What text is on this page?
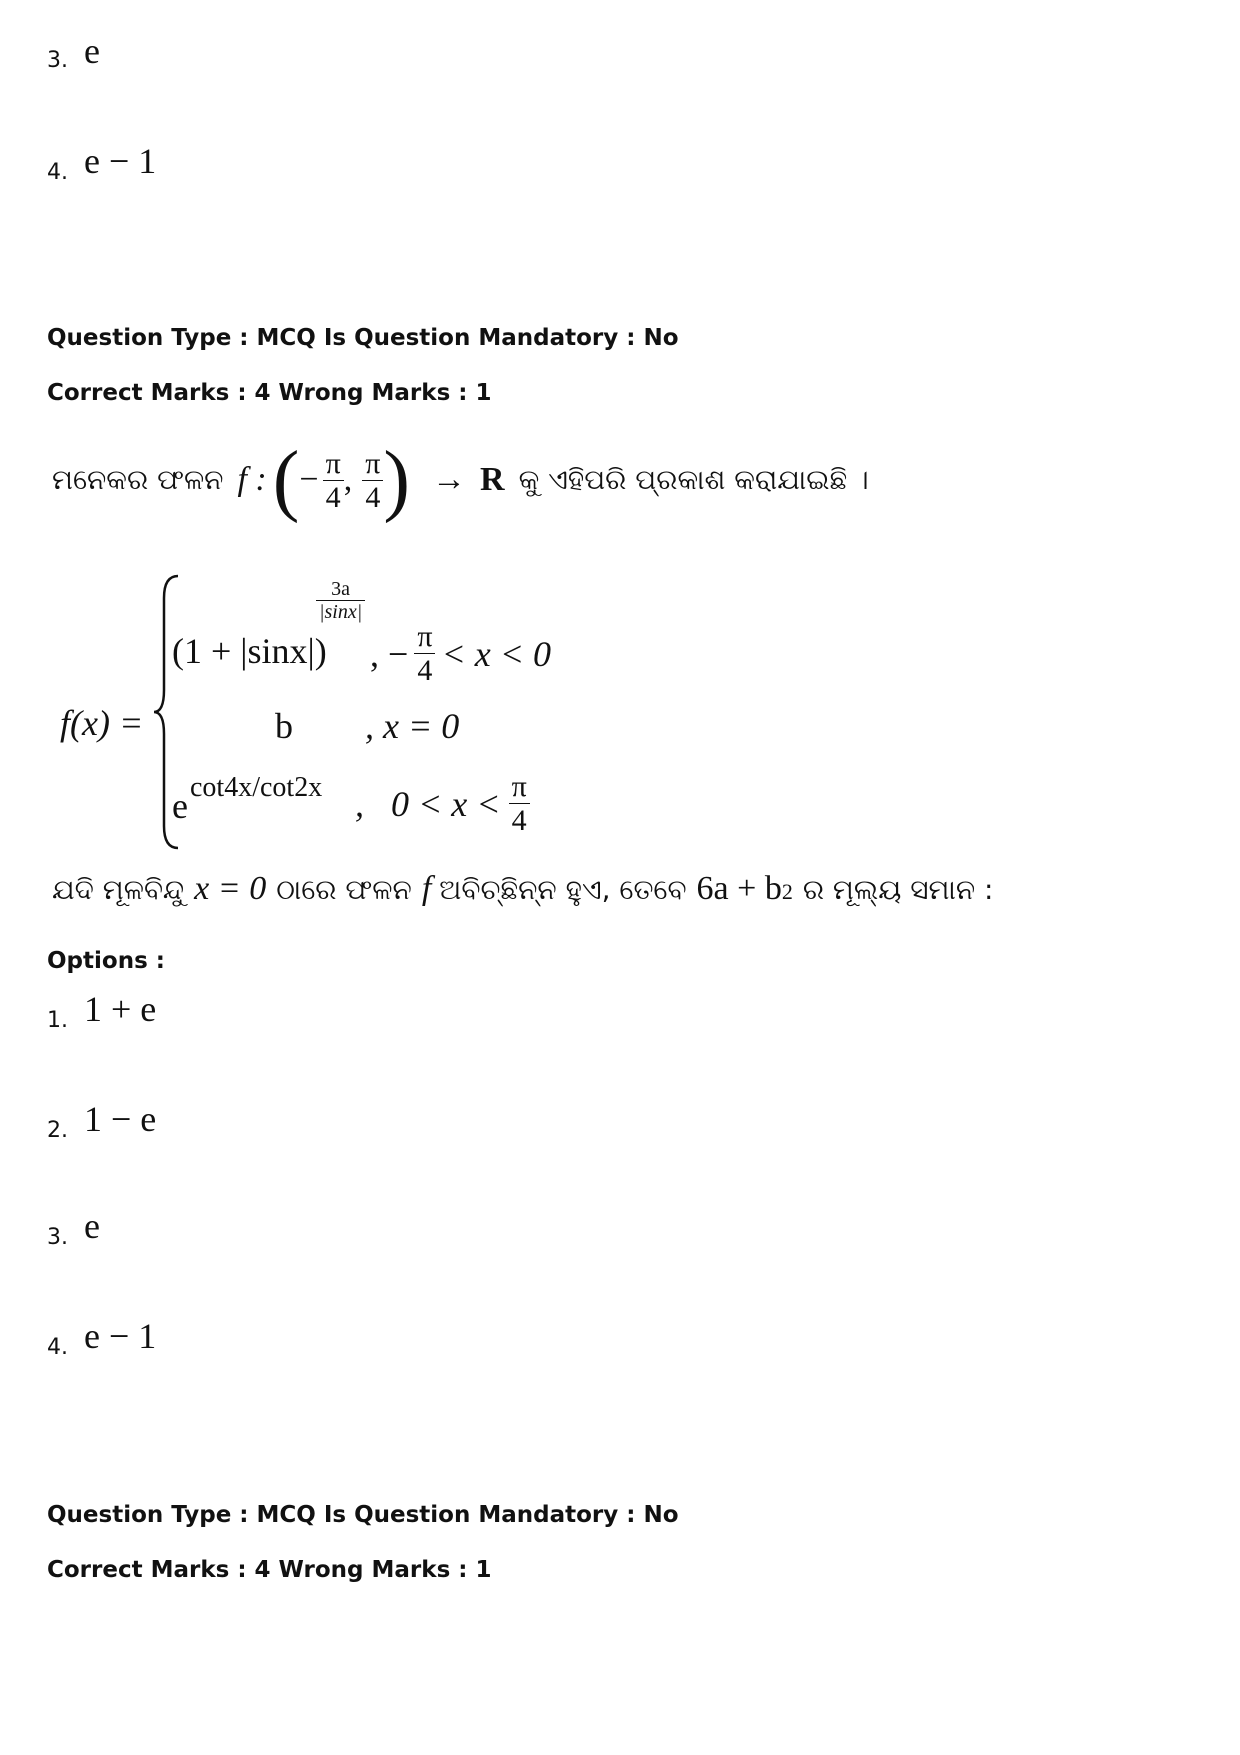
3. e
4. e − 1
Question Type : MCQ Is Question Mandatory : No
Correct Marks : 4 Wrong Marks : 1
ମନେକର ଫଳନ f : ( − $\frac{\pi}{4}$ , $\frac{\pi}{4}$ ) → R କୁ ଏହିପରି ପ୍ରକାଶ କରାଯାଇଛି ।
f(x) =
(1 + |sinx|)
$\frac{3a}{|\sin x|}$
, − $\frac{\pi}{4} < x < 0$
b , x = 0
e cot4x/cot2x ,   $0 < x < \frac{\pi}{4}$
ଯଦି ମୂଳବିନ୍ଦୁ x = 0 ଠାରେ ଫଳନ f ଅବିଚ୍ଛିନ୍ନ ହୁଏ, ତେବେ 6a + b 2 ର ମୂଲ୍ୟ ସମାନ :
Options :
1. 1 + e
2. 1 − e
3. e
4. e − 1
Question Type : MCQ Is Question Mandatory : No
Correct Marks : 4 Wrong Marks : 1
